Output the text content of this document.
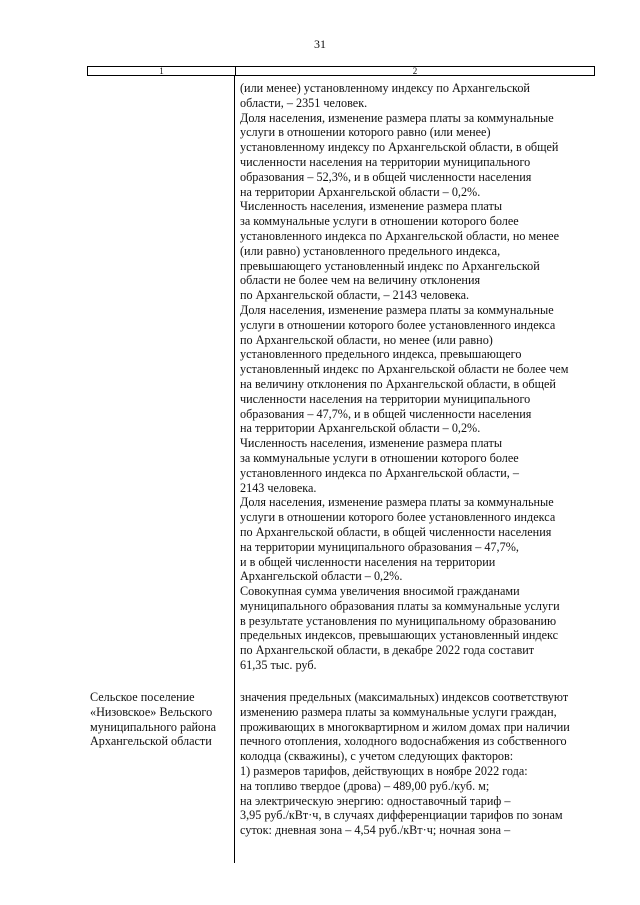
31
1	2
(или менее) установленному индексу по Архангельской
области, – 2351 человек.
Доля населения, изменение размера платы за коммунальные
услуги в отношении которого равно (или менее)
установленному индексу по Архангельской области, в общей
численности населения на территории муниципального
образования – 52,3%, и в общей численности населения
на территории Архангельской области – 0,2%.
Численность населения, изменение размера платы
за коммунальные услуги в отношении которого более
установленного индекса по Архангельской области, но менее
(или равно) установленного предельного индекса,
превышающего установленный индекс по Архангельской
области не более чем на величину отклонения
по Архангельской области, – 2143 человека.
Доля населения, изменение размера платы за коммунальные
услуги в отношении которого более установленного индекса
по Архангельской области, но менее (или равно)
установленного предельного индекса, превышающего
установленный индекс по Архангельской области не более чем
на величину отклонения по Архангельской области, в общей
численности населения на территории муниципального
образования – 47,7%, и в общей численности населения
на территории Архангельской области – 0,2%.
Численность населения, изменение размера платы
за коммунальные услуги в отношении которого более
установленного индекса по Архангельской области, –
2143 человека.
Доля населения, изменение размера платы за коммунальные
услуги в отношении которого более установленного индекса
по Архангельской области, в общей численности населения
на территории муниципального образования – 47,7%,
и в общей численности населения на территории
Архангельской области – 0,2%.
Совокупная сумма увеличения вносимой гражданами
муниципального образования платы за коммунальные услуги
в результате установления по муниципальному образованию
предельных индексов, превышающих установленный индекс
по Архангельской области, в декабре 2022 года составит
61,35 тыс. руб.
Сельское поселение
«Низовское» Вельского
муниципального района
Архангельской области
значения предельных (максимальных) индексов соответствуют
изменению размера платы за коммунальные услуги граждан,
проживающих в многоквартирном и жилом домах при наличии
печного отопления, холодного водоснабжения из собственного
колодца (скважины), с учетом следующих факторов:
1) размеров тарифов, действующих в ноябре 2022 года:
на топливо твердое (дрова) – 489,00 руб./куб. м;
на электрическую энергию: одноставочный тариф –
3,95 руб./кВт·ч, в случаях дифференциации тарифов по зонам
суток: дневная зона – 4,54 руб./кВт·ч; ночная зона –
